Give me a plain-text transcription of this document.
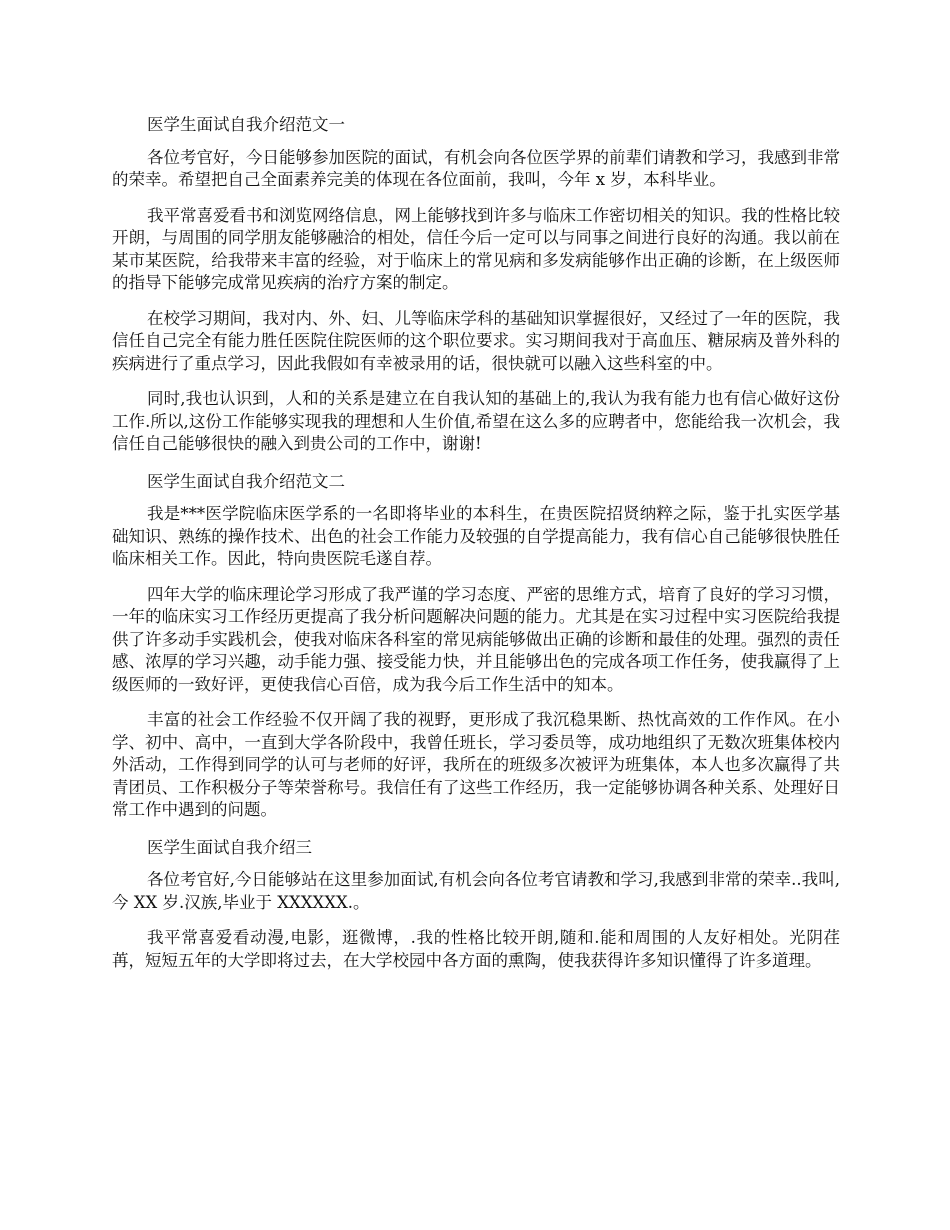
医学生面试自我介绍范文一

各位考官好，今日能够参加医院的面试，有机会向各位医学界的前辈们请教和学习，我感到非常的荣幸。希望把自己全面素养完美的体现在各位面前，我叫，今年 x 岁，本科毕业。

我平常喜爱看书和浏览网络信息，网上能够找到许多与临床工作密切相关的知识。我的性格比较开朗，与周围的同学朋友能够融洽的相处，信任今后一定可以与同事之间进行良好的沟通。我以前在某市某医院，给我带来丰富的经验，对于临床上的常见病和多发病能够作出正确的诊断，在上级医师的指导下能够完成常见疾病的治疗方案的制定。

在校学习期间，我对内、外、妇、儿等临床学科的基础知识掌握很好，又经过了一年的医院，我信任自己完全有能力胜任医院住院医师的这个职位要求。实习期间我对于高血压、糖尿病及普外科的疾病进行了重点学习，因此我假如有幸被录用的话，很快就可以融入这些科室的中。

同时,我也认识到，人和的关系是建立在自我认知的基础上的,我认为我有能力也有信心做好这份工作.所以,这份工作能够实现我的理想和人生价值,希望在这么多的应聘者中，您能给我一次机会，我信任自己能够很快的融入到贵公司的工作中，谢谢!

医学生面试自我介绍范文二

我是***医学院临床医学系的一名即将毕业的本科生，在贵医院招贤纳粹之际，鉴于扎实医学基础知识、熟练的操作技术、出色的社会工作能力及较强的自学提高能力，我有信心自己能够很快胜任临床相关工作。因此，特向贵医院毛遂自荐。

四年大学的临床理论学习形成了我严谨的学习态度、严密的思维方式，培育了良好的学习习惯，一年的临床实习工作经历更提高了我分析问题解决问题的能力。尤其是在实习过程中实习医院给我提供了许多动手实践机会，使我对临床各科室的常见病能够做出正确的诊断和最佳的处理。强烈的责任感、浓厚的学习兴趣，动手能力强、接受能力快，并且能够出色的完成各项工作任务，使我赢得了上级医师的一致好评，更使我信心百倍，成为我今后工作生活中的知本。

丰富的社会工作经验不仅开阔了我的视野，更形成了我沉稳果断、热忱高效的工作作风。在小学、初中、高中，一直到大学各阶段中，我曾任班长，学习委员等，成功地组织了无数次班集体校内外活动，工作得到同学的认可与老师的好评，我所在的班级多次被评为班集体，本人也多次赢得了共青团员、工作积极分子等荣誉称号。我信任有了这些工作经历，我一定能够协调各种关系、处理好日常工作中遇到的问题。

医学生面试自我介绍三

各位考官好,今日能够站在这里参加面试,有机会向各位考官请教和学习,我感到非常的荣幸..我叫,今 XX 岁.汉族,毕业于 XXXXXX.。

我平常喜爱看动漫,电影，逛微博，.我的性格比较开朗,随和.能和周围的人友好相处。光阴荏苒，短短五年的大学即将过去，在大学校园中各方面的熏陶，使我获得许多知识懂得了许多道理。
